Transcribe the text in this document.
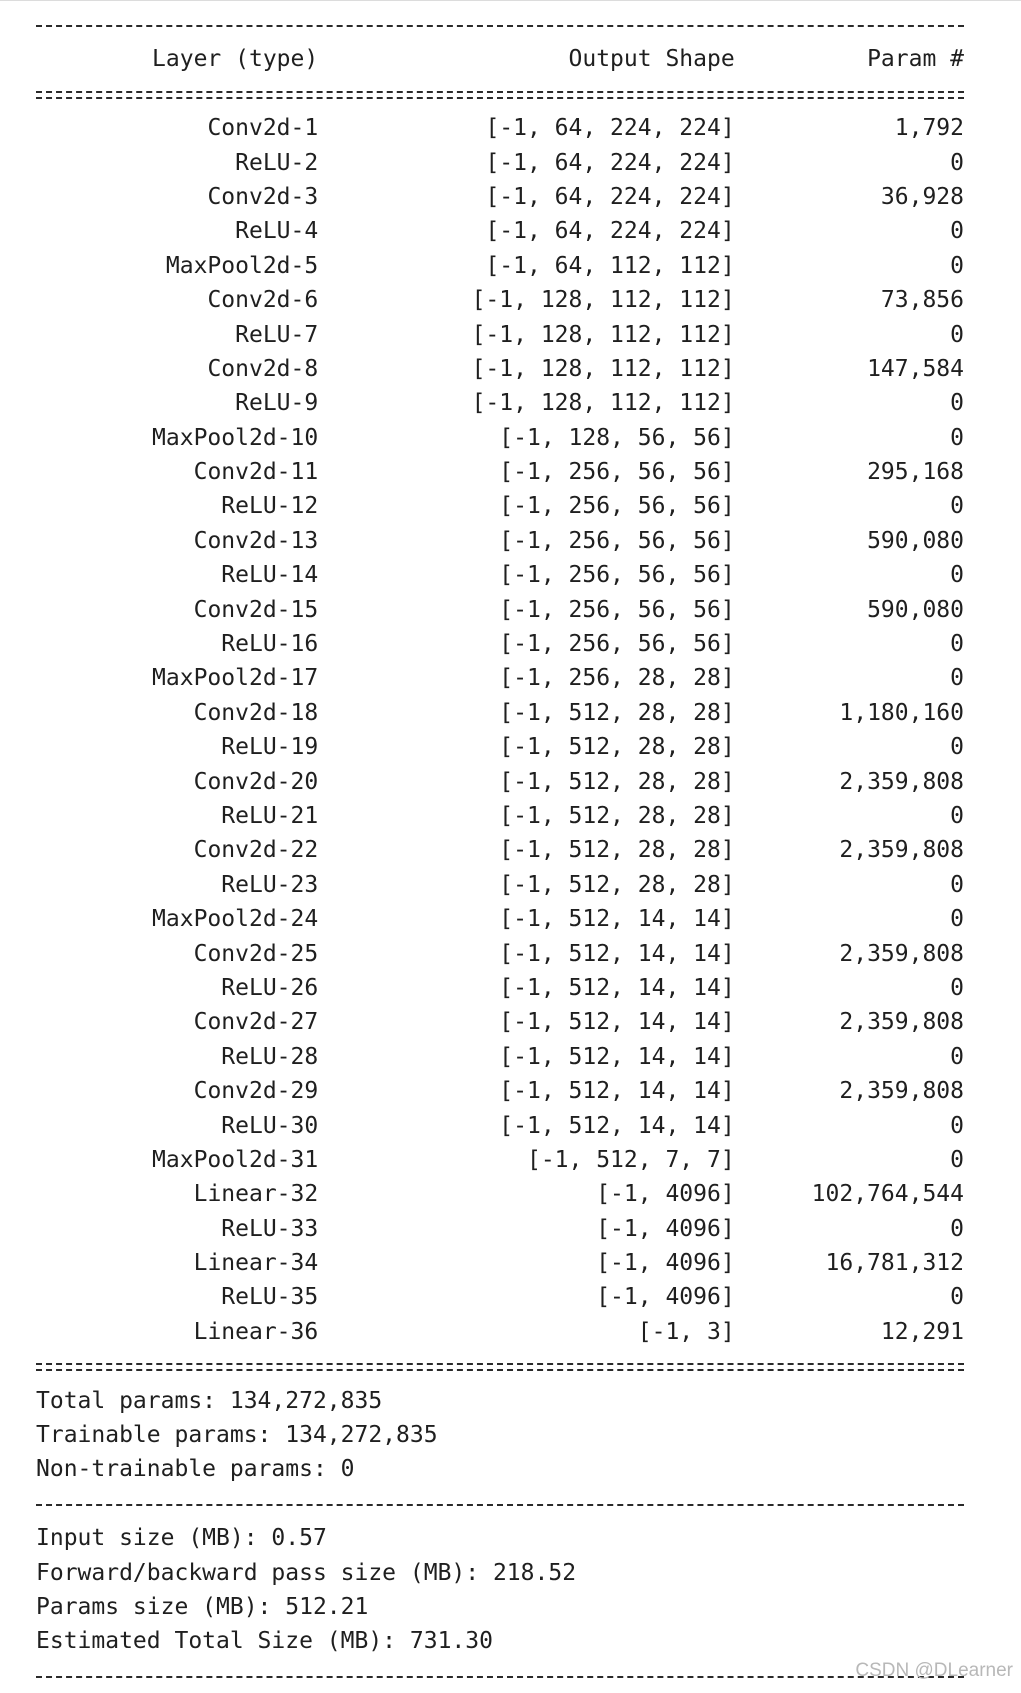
Layer (type)	Output Shape	Param #
Conv2d-1	[-1, 64, 224, 224]	1,792
ReLU-2	[-1, 64, 224, 224]	0
Conv2d-3	[-1, 64, 224, 224]	36,928
ReLU-4	[-1, 64, 224, 224]	0
MaxPool2d-5	[-1, 64, 112, 112]	0
Conv2d-6	[-1, 128, 112, 112]	73,856
ReLU-7	[-1, 128, 112, 112]	0
Conv2d-8	[-1, 128, 112, 112]	147,584
ReLU-9	[-1, 128, 112, 112]	0
MaxPool2d-10	[-1, 128, 56, 56]	0
Conv2d-11	[-1, 256, 56, 56]	295,168
ReLU-12	[-1, 256, 56, 56]	0
Conv2d-13	[-1, 256, 56, 56]	590,080
ReLU-14	[-1, 256, 56, 56]	0
Conv2d-15	[-1, 256, 56, 56]	590,080
ReLU-16	[-1, 256, 56, 56]	0
MaxPool2d-17	[-1, 256, 28, 28]	0
Conv2d-18	[-1, 512, 28, 28]	1,180,160
ReLU-19	[-1, 512, 28, 28]	0
Conv2d-20	[-1, 512, 28, 28]	2,359,808
ReLU-21	[-1, 512, 28, 28]	0
Conv2d-22	[-1, 512, 28, 28]	2,359,808
ReLU-23	[-1, 512, 28, 28]	0
MaxPool2d-24	[-1, 512, 14, 14]	0
Conv2d-25	[-1, 512, 14, 14]	2,359,808
ReLU-26	[-1, 512, 14, 14]	0
Conv2d-27	[-1, 512, 14, 14]	2,359,808
ReLU-28	[-1, 512, 14, 14]	0
Conv2d-29	[-1, 512, 14, 14]	2,359,808
ReLU-30	[-1, 512, 14, 14]	0
MaxPool2d-31	[-1, 512, 7, 7]	0
Linear-32	[-1, 4096]	102,764,544
ReLU-33	[-1, 4096]	0
Linear-34	[-1, 4096]	16,781,312
ReLU-35	[-1, 4096]	0
Linear-36	[-1, 3]	12,291
Total params: 134,272,835
Trainable params: 134,272,835
Non-trainable params: 0
Input size (MB): 0.57
Forward/backward pass size (MB): 218.52
Params size (MB): 512.21
Estimated Total Size (MB): 731.30
CSDN @DLearner
